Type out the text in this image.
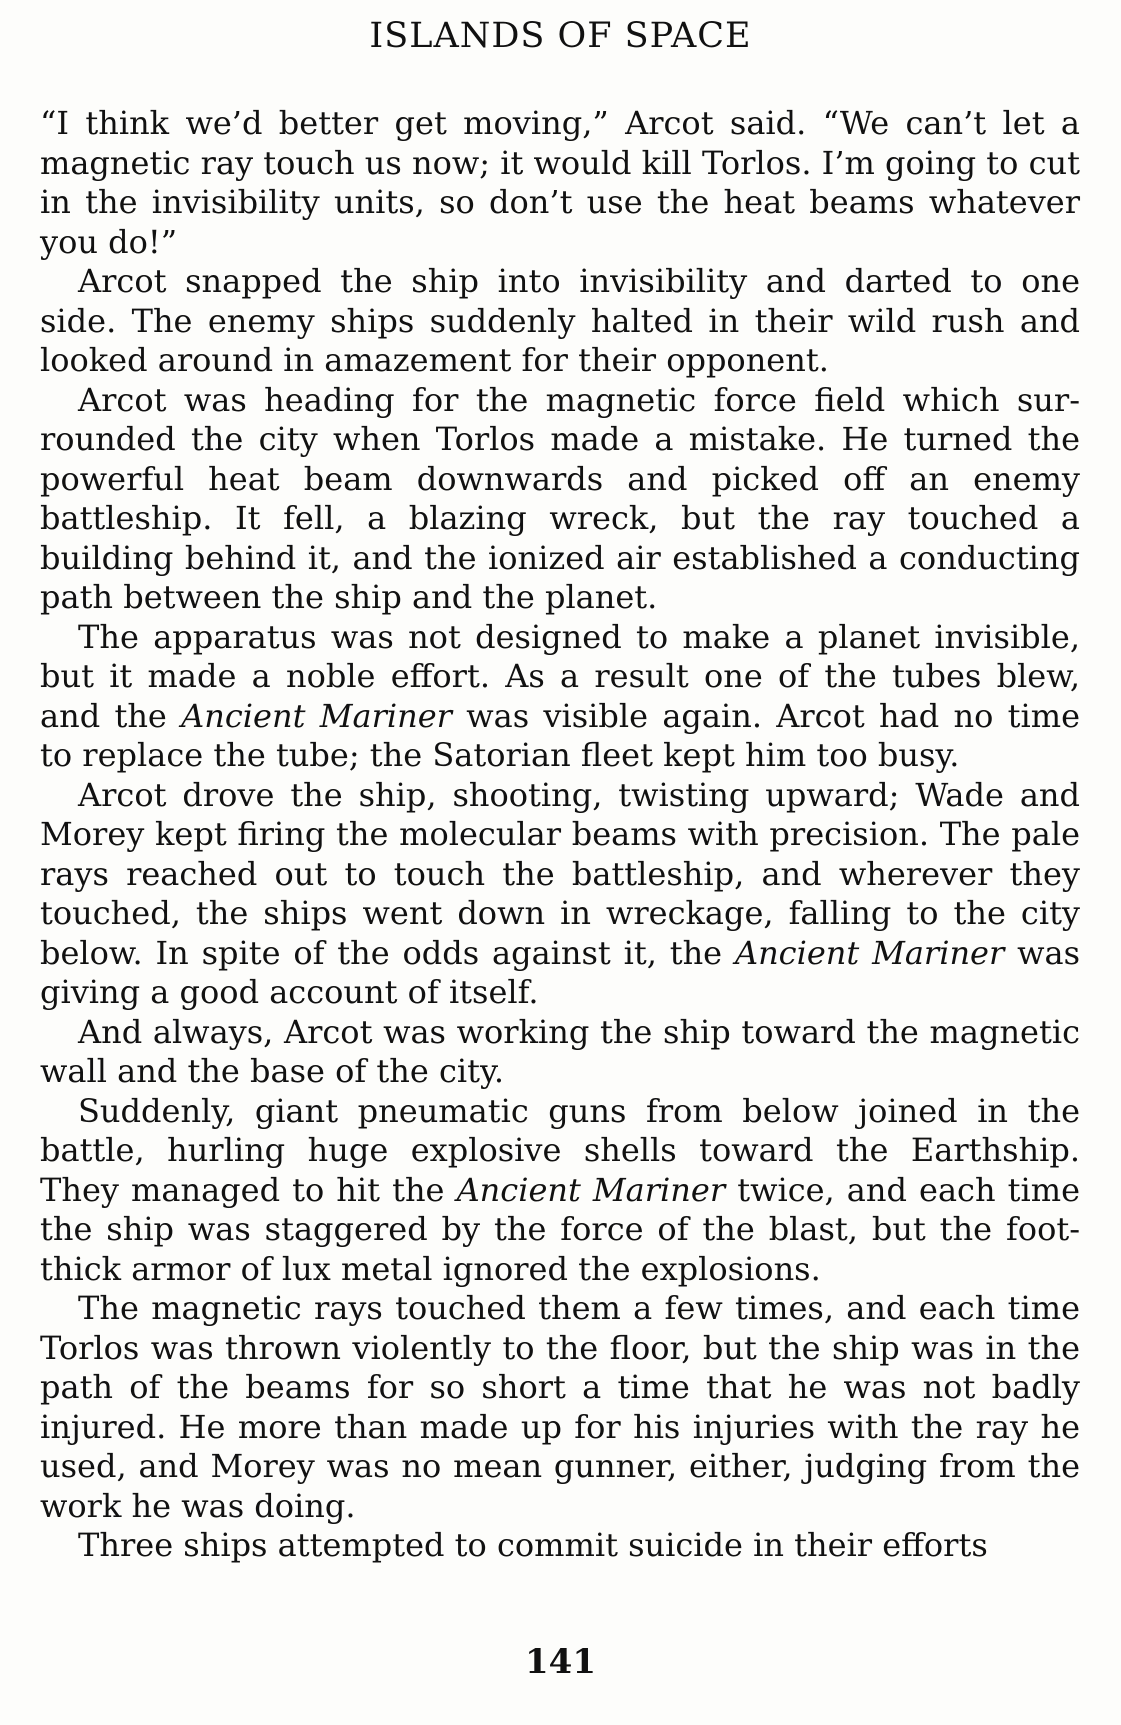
ISLANDS OF SPACE

“I think we’d better get moving,” Arcot said. “We can’t let a magnetic ray touch us now; it would kill Torlos. I’m going to cut in the invisibility units, so don’t use the heat beams whatever you do!”

Arcot snapped the ship into invisibility and darted to one side. The enemy ships suddenly halted in their wild rush and looked around in amazement for their opponent.

Arcot was heading for the magnetic force field which surrounded the city when Torlos made a mistake. He turned the powerful heat beam downwards and picked off an enemy battleship. It fell, a blazing wreck, but the ray touched a building behind it, and the ionized air established a conducting path between the ship and the planet.

The apparatus was not designed to make a planet invisible, but it made a noble effort. As a result one of the tubes blew, and the Ancient Mariner was visible again. Arcot had no time to replace the tube; the Satorian fleet kept him too busy.

Arcot drove the ship, shooting, twisting upward; Wade and Morey kept firing the molecular beams with precision. The pale rays reached out to touch the battleship, and wherever they touched, the ships went down in wreckage, falling to the city below. In spite of the odds against it, the Ancient Mariner was giving a good account of itself.

And always, Arcot was working the ship toward the magnetic wall and the base of the city.

Suddenly, giant pneumatic guns from below joined in the battle, hurling huge explosive shells toward the Earthship. They managed to hit the Ancient Mariner twice, and each time the ship was staggered by the force of the blast, but the foot-thick armor of lux metal ignored the explosions.

The magnetic rays touched them a few times, and each time Torlos was thrown violently to the floor, but the ship was in the path of the beams for so short a time that he was not badly injured. He more than made up for his injuries with the ray he used, and Morey was no mean gunner, either, judging from the work he was doing.

Three ships attempted to commit suicide in their efforts

141
